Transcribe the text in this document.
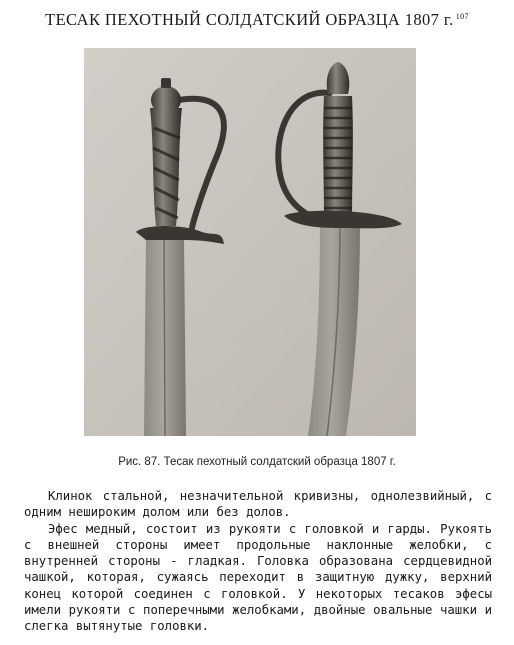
ТЕСАК ПЕХОТНЫЙ СОЛДАТСКИЙ ОБРАЗЦА 1807 г. $^{107}$
Рис. 87. Тесак пехотный солдатский образца 1807 г.

Клинок стальной, незначительной кривизны, однолезвийный, с одним нешироким долом или без долов.

Эфес медный, состоит из рукояти с головкой и гарды. Рукоять с внешней стороны имеет продольные наклонные желобки, с внутренней стороны - гладкая. Головка образована сердцевидной чашкой, которая, сужаясь переходит в защитную дужку, верхний конец которой соединен с головкой. У некоторых тесаков эфесы имели рукояти с поперечными желобками, двойные овальные чашки и слегка вытянутые головки.
